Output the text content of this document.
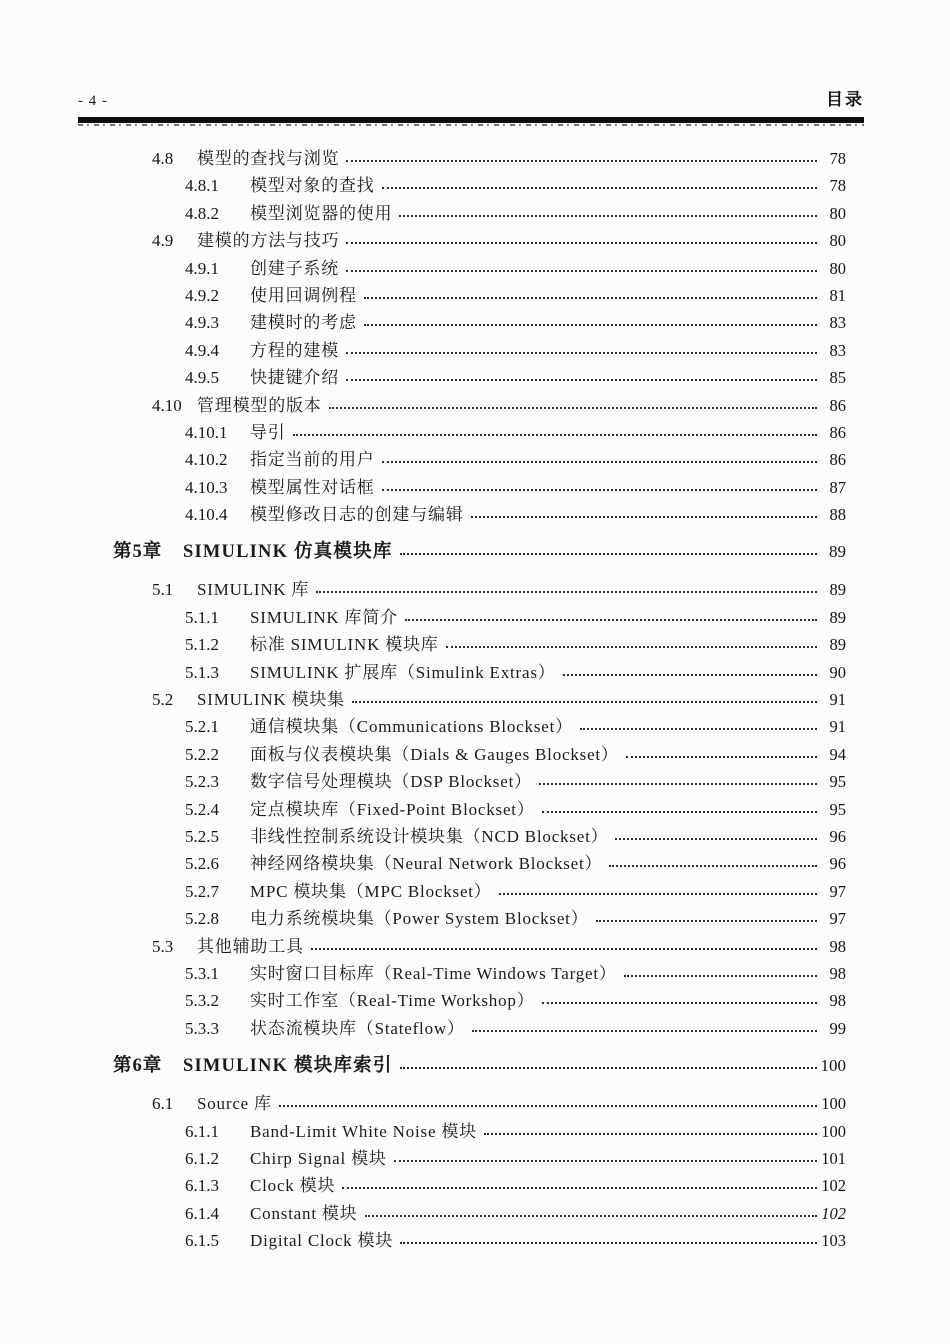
- 4 -	目录
4.8	模型的查找与浏览	78
4.8.1	模型对象的查找	78
4.8.2	模型浏览器的使用	80
4.9	建模的方法与技巧	80
4.9.1	创建子系统	80
4.9.2	使用回调例程	81
4.9.3	建模时的考虑	83
4.9.4	方程的建模	83
4.9.5	快捷键介绍	85
4.10 管理模型的版本	86
4.10.1	导引	86
4.10.2	指定当前的用户	86
4.10.3	模型属性对话框	87
4.10.4	模型修改日志的创建与编辑	88
第5章	SIMULINK 仿真模块库	89
5.1	SIMULINK 库	89
5.1.1	SIMULINK 库简介	89
5.1.2	标准 SIMULINK 模块库	89
5.1.3	SIMULINK 扩展库（Simulink Extras）	90
5.2	SIMULINK 模块集	91
5.2.1	通信模块集（Communications Blockset）	91
5.2.2	面板与仪表模块集（Dials & Gauges Blockset）	94
5.2.3	数字信号处理模块（DSP Blockset）	95
5.2.4	定点模块库（Fixed-Point Blockset）	95
5.2.5	非线性控制系统设计模块集（NCD Blockset）	96
5.2.6	神经网络模块集（Neural Network Blockset）	96
5.2.7	MPC 模块集（MPC Blockset）	97
5.2.8	电力系统模块集（Power System Blockset）	97
5.3	其他辅助工具	98
5.3.1	实时窗口目标库（Real-Time Windows Target）	98
5.3.2	实时工作室（Real-Time Workshop）	98
5.3.3	状态流模块库（Stateflow）	99
第6章	SIMULINK 模块库索引	100
6.1	Source 库	100
6.1.1	Band-Limit White Noise 模块	100
6.1.2	Chirp Signal 模块	101
6.1.3	Clock 模块	102
6.1.4	Constant 模块	102
6.1.5	Digital Clock 模块	103
